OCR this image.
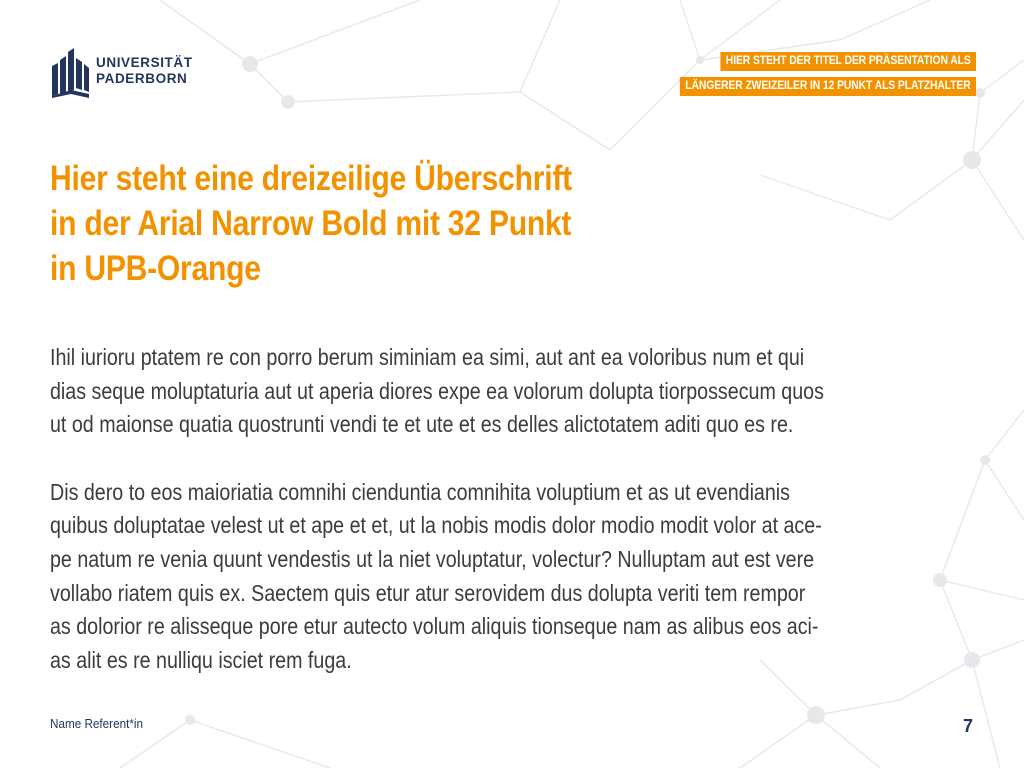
UNIVERSITÄT
PADERBORN
HIER STEHT DER TITEL DER PRÄSENTATION ALS
LÄNGERER ZWEIZEILER IN 12 PUNKT ALS PLATZHALTER
Hier steht eine dreizeilige Überschrift
in der Arial Narrow Bold mit 32 Punkt
in UPB-Orange

Ihil iurioru ptatem re con porro berum siminiam ea simi, aut ant ea voloribus num et qui
dias seque moluptaturia aut ut aperia diores expe ea volorum dolupta tiorpossecum quos
ut od maionse quatia quostrunti vendi te et ute et es delles alictotatem aditi quo es re.

Dis dero to eos maioriatia comnihi cienduntia comnihita voluptium et as ut evendianis
quibus doluptatae velest ut et ape et et, ut la nobis modis dolor modio modit volor at ace-
pe natum re venia quunt vendestis ut la niet voluptatur, volectur? Nulluptam aut est vere
vollabo riatem quis ex. Saectem quis etur atur serovidem dus dolupta veriti tem rempor
as dolorior re alisseque pore etur autecto volum aliquis tionseque nam as alibus eos aci-
as alit es re nulliqu isciet rem fuga.

Name Referent*in	7
